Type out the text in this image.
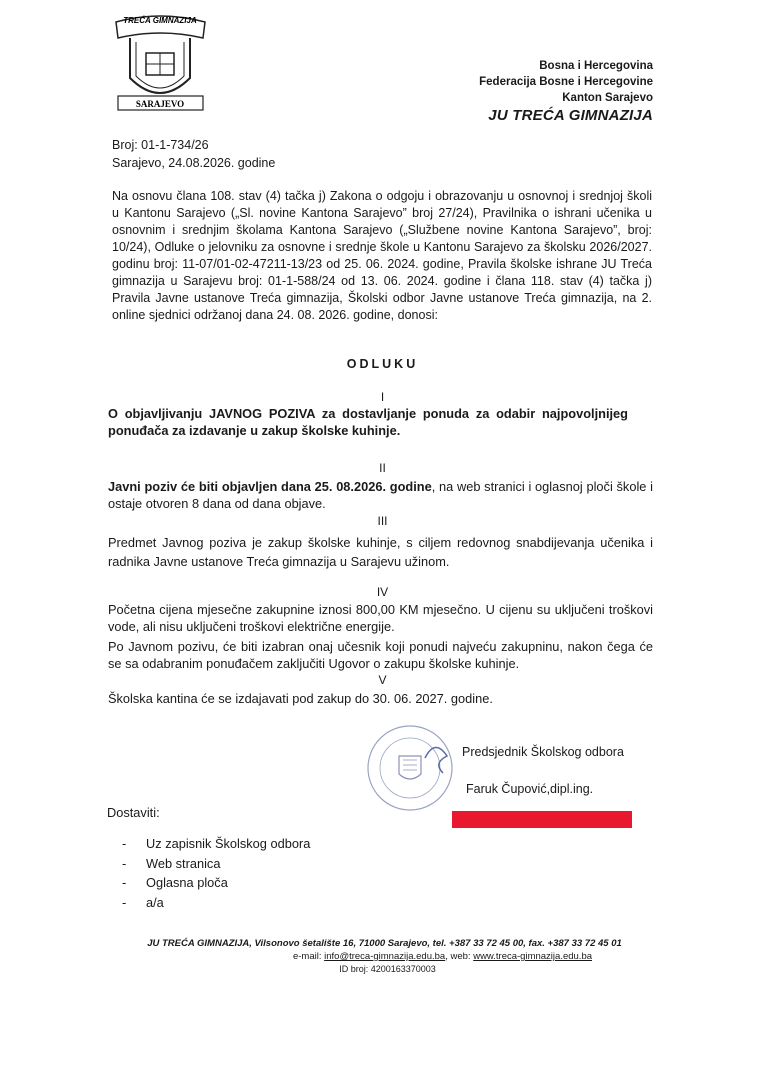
TREĆA GIMNAZIJA
SARAJEVO
Bosna i Hercegovina
Federacija Bosne i Hercegovine
Kanton Sarajevo
JU TREĆA GIMNAZIJA
Broj: 01-1-734/26
Sarajevo, 24.08.2026. godine
Na osnovu člana 108. stav (4) tačka j) Zakona o odgoju i obrazovanju u osnovnoj i srednjoj školi u Kantonu Sarajevo („Sl. novine Kantona Sarajevo” broj 27/24), Pravilnika o ishrani učenika u osnovnim i srednjim školama Kantona Sarajevo („Službene novine Kantona Sarajevo”, broj: 10/24), Odluke o jelovniku za osnovne i srednje škole u Kantonu Sarajevo za školsku 2026/2027. godinu broj: 11-07/01-02-47211-13/23 od 25. 06. 2024. godine, Pravila školske ishrane JU Treća gimnazija u Sarajevu broj: 01-1-588/24 od 13. 06. 2024. godine i člana 118. stav (4) tačka j) Pravila Javne ustanove Treća gimnazija, Školski odbor Javne ustanove Treća gimnazija, na 2. online sjednici održanoj dana 24. 08. 2026. godine, donosi:
ODLUKU
I
O objavljivanju JAVNOG POZIVA za dostavljanje ponuda za odabir najpovoljnijeg ponuđača za izdavanje u zakup školske kuhinje.
II
Javni poziv će biti objavljen dana 25. 08.2026. godine, na web stranici i oglasnoj ploči škole i ostaje otvoren 8 dana od dana objave.
III
Predmet Javnog poziva je zakup školske kuhinje, s ciljem redovnog snabdijevanja učenika i radnika Javne ustanove Treća gimnazija u Sarajevu užinom.
IV
Početna cijena mjesečne zakupnine iznosi 800,00 KM mjesečno. U cijenu su uključeni troškovi vode, ali nisu uključeni troškovi električne energije.
Po Javnom pozivu, će biti izabran onaj učesnik koji ponudi najveću zakupninu, nakon čega će se sa odabranim ponuđačem zaključiti Ugovor o zakupu školske kuhinje.
V
Školska kantina će se izdajavati pod zakup do 30. 06. 2027. godine.
Predsjednik Školskog odbora
Faruk Čupović,dipl.ing.
Dostaviti:
-	Uz zapisnik Školskog odbora
-	Web stranica
-	Oglasna ploča
-	a/a
JU TREĆA GIMNAZIJA, Vilsonovo šetalište 16, 71000 Sarajevo, tel. +387 33 72 45 00, fax. +387 33 72 45 01
e-mail: info@treca-gimnazija.edu.ba, web: www.treca-gimnazija.edu.ba
ID broj: 4200163370003
